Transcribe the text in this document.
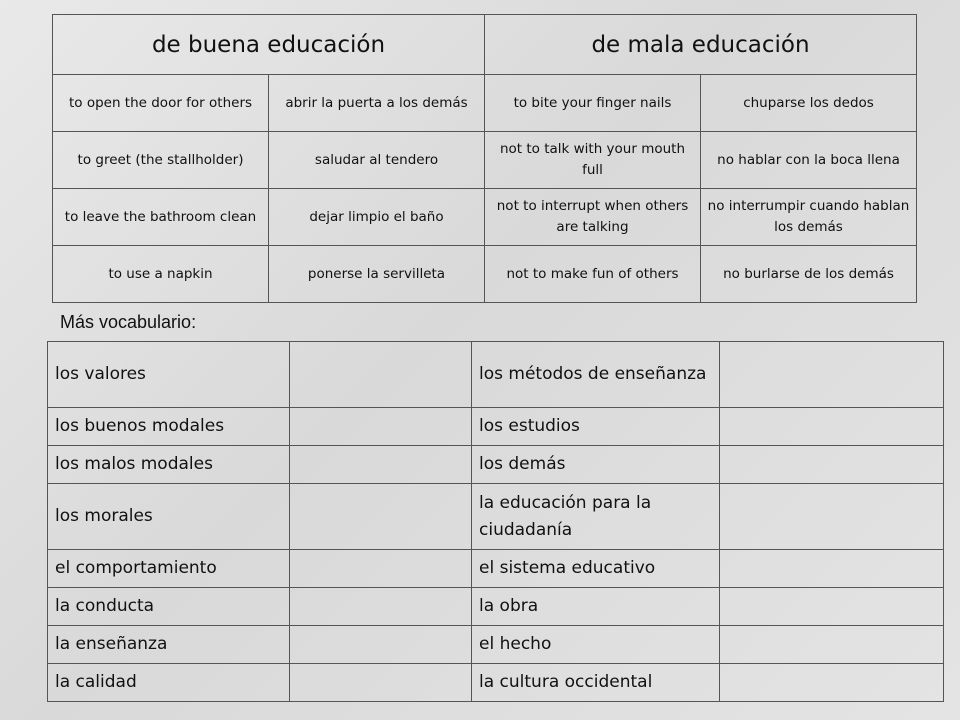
de buena educación		de mala educación	
to open the door for others	abrir la puerta a los demás	to bite your finger nails	chuparse los dedos
to greet (the stallholder)	saludar al tendero	not to talk with your mouth full	no hablar con la boca llena
to leave the bathroom clean	dejar limpio el baño	not to interrupt when others are talking	no interrumpir cuando hablan los demás
to use a napkin	ponerse la servilleta	not to make fun of others	no burlarse de los demás
Más vocabulario:
los valores		los métodos de enseñanza	
los buenos modales		los estudios	
los malos modales		los demás	
los morales		la educación para la ciudadanía	
el comportamiento		el sistema educativo	
la conducta		la obra	
la enseñanza		el hecho	
la calidad		la cultura occidental	
